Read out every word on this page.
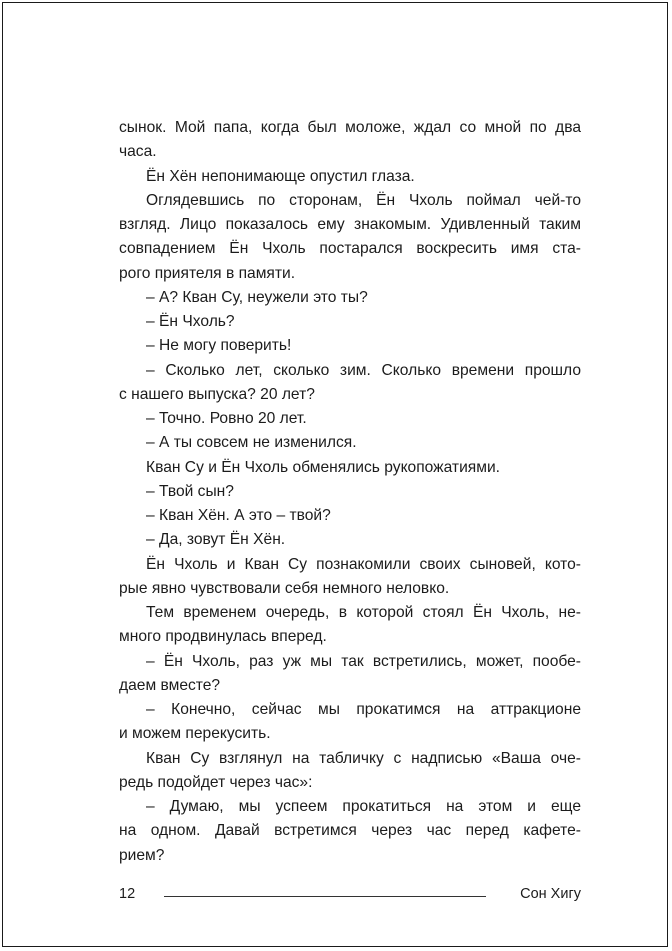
сынок. Мой папа, когда был моложе, ждал со мной по два
часа.
Ён Хён непонимающе опустил глаза.
Оглядевшись по сторонам, Ён Чхоль поймал чей-то
взгляд. Лицо показалось ему знакомым. Удивленный таким
совпадением Ён Чхоль постарался воскресить имя ста-
рого приятеля в памяти.
– А? Кван Су, неужели это ты?
– Ён Чхоль?
– Не могу поверить!
– Сколько лет, сколько зим. Сколько времени прошло
с нашего выпуска? 20 лет?
– Точно. Ровно 20 лет.
– А ты совсем не изменился.
Кван Су и Ён Чхоль обменялись рукопожатиями.
– Твой сын?
– Кван Хён. А это – твой?
– Да, зовут Ён Хён.
Ён Чхоль и Кван Су познакомили своих сыновей, кото-
рые явно чувствовали себя немного неловко.
Тем временем очередь, в которой стоял Ён Чхоль, не-
много продвинулась вперед.
– Ён Чхоль, раз уж мы так встретились, может, пообе-
даем вместе?
– Конечно, сейчас мы прокатимся на аттракционе
и можем перекусить.
Кван Су взглянул на табличку с надписью «Ваша оче-
редь подойдет через час»:
– Думаю, мы успеем прокатиться на этом и еще
на одном. Давай встретимся через час перед кафете-
рием?
12	Сон Хигу
